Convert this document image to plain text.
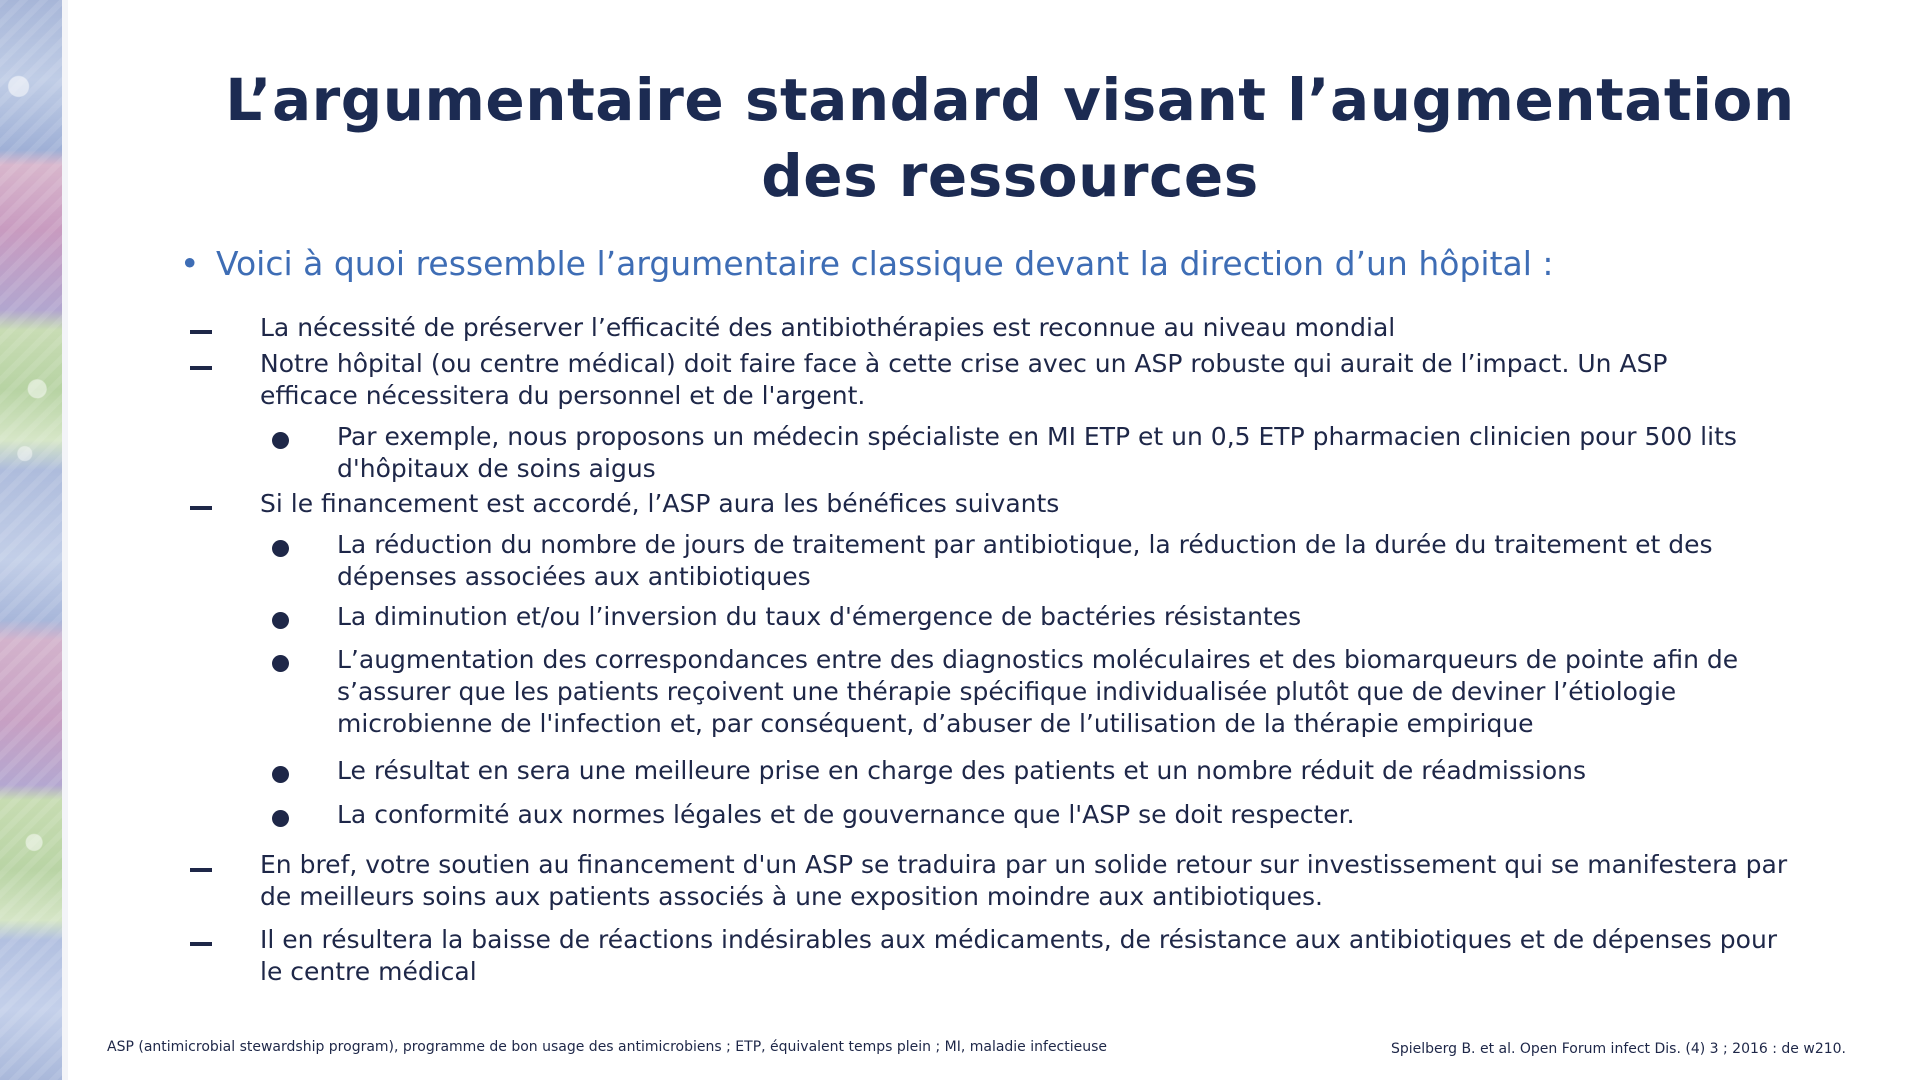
L’argumentaire standard visant l’augmentation
des ressources
• Voici à quoi ressemble l’argumentaire classique devant la direction d’un hôpital :
La nécessité de préserver l’efficacité des antibiothérapies est reconnue au niveau mondial
Notre hôpital (ou centre médical) doit faire face à cette crise avec un ASP robuste qui aurait de l’impact. Un ASP efficace nécessitera du personnel et de l'argent.
Par exemple, nous proposons un médecin spécialiste en MI ETP et un 0,5 ETP pharmacien clinicien pour 500 lits d'hôpitaux de soins aigus
Si le financement est accordé, l’ASP aura les bénéfices suivants
La réduction du nombre de jours de traitement par antibiotique, la réduction de la durée du traitement et des dépenses associées aux antibiotiques
La diminution et/ou l’inversion du taux d'émergence de bactéries résistantes
L’augmentation des correspondances entre des diagnostics moléculaires et des biomarqueurs de pointe afin de s’assurer que les patients reçoivent une thérapie spécifique individualisée plutôt que de deviner l’étiologie microbienne de l'infection et, par conséquent, d’abuser de l’utilisation de la thérapie empirique
Le résultat en sera une meilleure prise en charge des patients et un nombre réduit de réadmissions
La conformité aux normes légales et de gouvernance que l'ASP se doit respecter.
En bref, votre soutien au financement d'un ASP se traduira par un solide retour sur investissement qui se manifestera par de meilleurs soins aux patients associés à une exposition moindre aux antibiotiques.
Il en résultera la baisse de réactions indésirables aux médicaments, de résistance aux antibiotiques et de dépenses pour le centre médical
ASP (antimicrobial stewardship program), programme de bon usage des antimicrobiens ; ETP, équivalent temps plein ; MI, maladie infectieuse	Spielberg B. et al. Open Forum infect Dis. (4) 3 ; 2016 : de w210.
